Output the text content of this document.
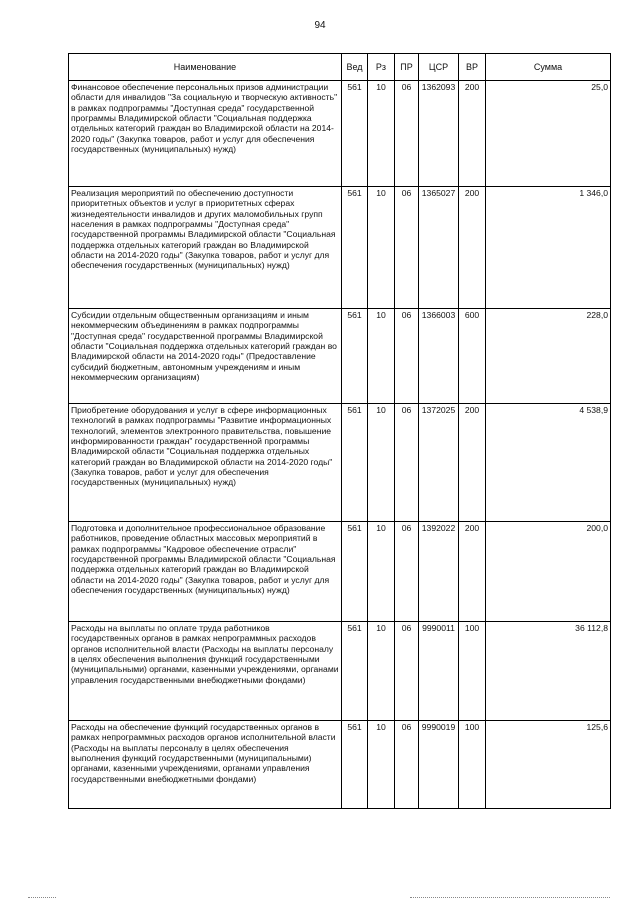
94
Наименование	Вед	Рз	ПР	ЦСР	ВР	Сумма
Финансовое обеспечение персональных призов администрации области для инвалидов "За социальную и творческую активность" в рамках подпрограммы "Доступная среда" государственной программы Владимирской области "Социальная поддержка отдельных категорий граждан во Владимирской области на 2014-2020 годы" (Закупка товаров, работ и услуг для обеспечения государственных (муниципальных) нужд)	561	10	06	1362093	200	25,0
Реализация мероприятий по обеспечению доступности приоритетных объектов и услуг в приоритетных сферах жизнедеятельности инвалидов и других маломобильных групп населения в рамках подпрограммы "Доступная среда" государственной программы Владимирской области "Социальная поддержка отдельных категорий граждан во Владимирской области на 2014-2020 годы" (Закупка товаров, работ и услуг для обеспечения государственных (муниципальных) нужд)	561	10	06	1365027	200	1 346,0
Субсидии отдельным общественным организациям и иным некоммерческим объединениям в рамках подпрограммы "Доступная среда" государственной программы Владимирской области "Социальная поддержка отдельных категорий граждан во Владимирской области на 2014-2020 годы" (Предоставление субсидий бюджетным, автономным учреждениям и иным некоммерческим организациям)	561	10	06	1366003	600	228,0
Приобретение оборудования и услуг в сфере информационных технологий в рамках подпрограммы "Развитие информационных технологий, элементов электронного правительства, повышение информированности граждан" государственной программы Владимирской области "Социальная поддержка отдельных категорий граждан во Владимирской области на 2014-2020 годы" (Закупка товаров, работ и услуг для обеспечения государственных (муниципальных) нужд)	561	10	06	1372025	200	4 538,9
Подготовка и дополнительное профессиональное образование работников, проведение областных массовых мероприятий в рамках подпрограммы "Кадровое обеспечение отрасли" государственной программы Владимирской области "Социальная поддержка отдельных категорий граждан во Владимирской области на 2014-2020 годы" (Закупка товаров, работ и услуг для обеспечения государственных (муниципальных) нужд)	561	10	06	1392022	200	200,0
Расходы на выплаты по оплате труда работников государственных органов в рамках непрограммных расходов органов исполнительной власти (Расходы на выплаты персоналу в целях обеспечения выполнения функций государственными (муниципальными) органами, казенными учреждениями, органами управления государственными внебюджетными фондами)	561	10	06	9990011	100	36 112,8
Расходы на обеспечение функций государственных органов в рамках непрограммных расходов органов исполнительной власти (Расходы на выплаты персоналу в целях обеспечения выполнения функций государственными (муниципальными) органами, казенными учреждениями, органами управления государственными внебюджетными фондами)	561	10	06	9990019	100	125,6
